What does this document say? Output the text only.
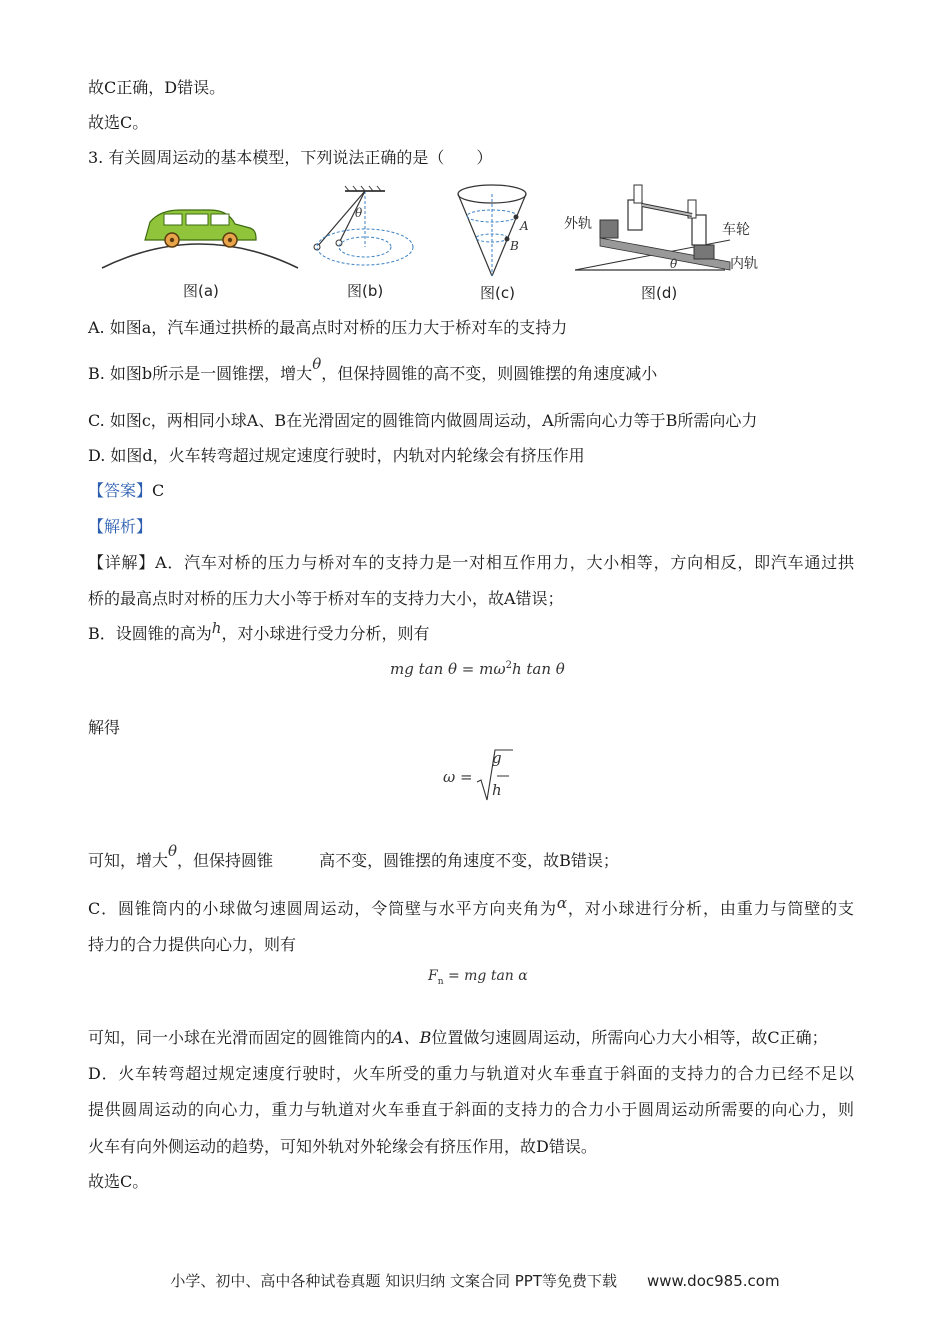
故C正确，D错误。
故选C。
3. 有关圆周运动的基本模型，下列说法正确的是（　　）
图(a)
θ
图(b)
A
B
图(c)
θ
外轨	车轮
内轨
图(d)
A. 如图a，汽车通过拱桥的最高点时对桥的压力大于桥对车的支持力
B. 如图b所示是一圆锥摆，增大θ，但保持圆锥的高不变，则圆锥摆的角速度减小
C. 如图c，两相同小球A、B在光滑固定的圆锥筒内做圆周运动，A所需向心力等于B所需向心力
D. 如图d，火车转弯超过规定速度行驶时，内轨对内轮缘会有挤压作用
【答案】C
【解析】
【详解】A．汽车对桥的压力与桥对车的支持力是一对相互作用力，大小相等，方向相反，即汽车通过拱
桥的最高点时对桥的压力大小等于桥对车的支持力大小，故A错误；
B．设圆锥的高为h，对小球进行受力分析，则有
mg $\tan \theta = m\omega^2h$ tan θ
解得
ω =
g
h
可知，增大θ，但保持圆锥	高不变，圆锥摆的角速度不变，故B错误；
C．圆锥筒内的小球做匀速圆周运动，令筒壁与水平方向夹角为α，对小球进行分析，由重力与筒壁的支
持力的合力提供向心力，则有
$F_n$ = mg tan α
可知，同一小球在光滑而固定的圆锥筒内的A、B位置做匀速圆周运动，所需向心力大小相等，故C正确；
D．火车转弯超过规定速度行驶时，火车所受的重力与轨道对火车垂直于斜面的支持力的合力已经不足以
提供圆周运动的向心力，重力与轨道对火车垂直于斜面的支持力的合力小于圆周运动所需要的向心力，则
火车有向外侧运动的趋势，可知外轨对外轮缘会有挤压作用，故D错误。
故选C。
小学、初中、高中各种试卷真题 知识归纳 文案合同 PPT等免费下载　　www.doc985.com
